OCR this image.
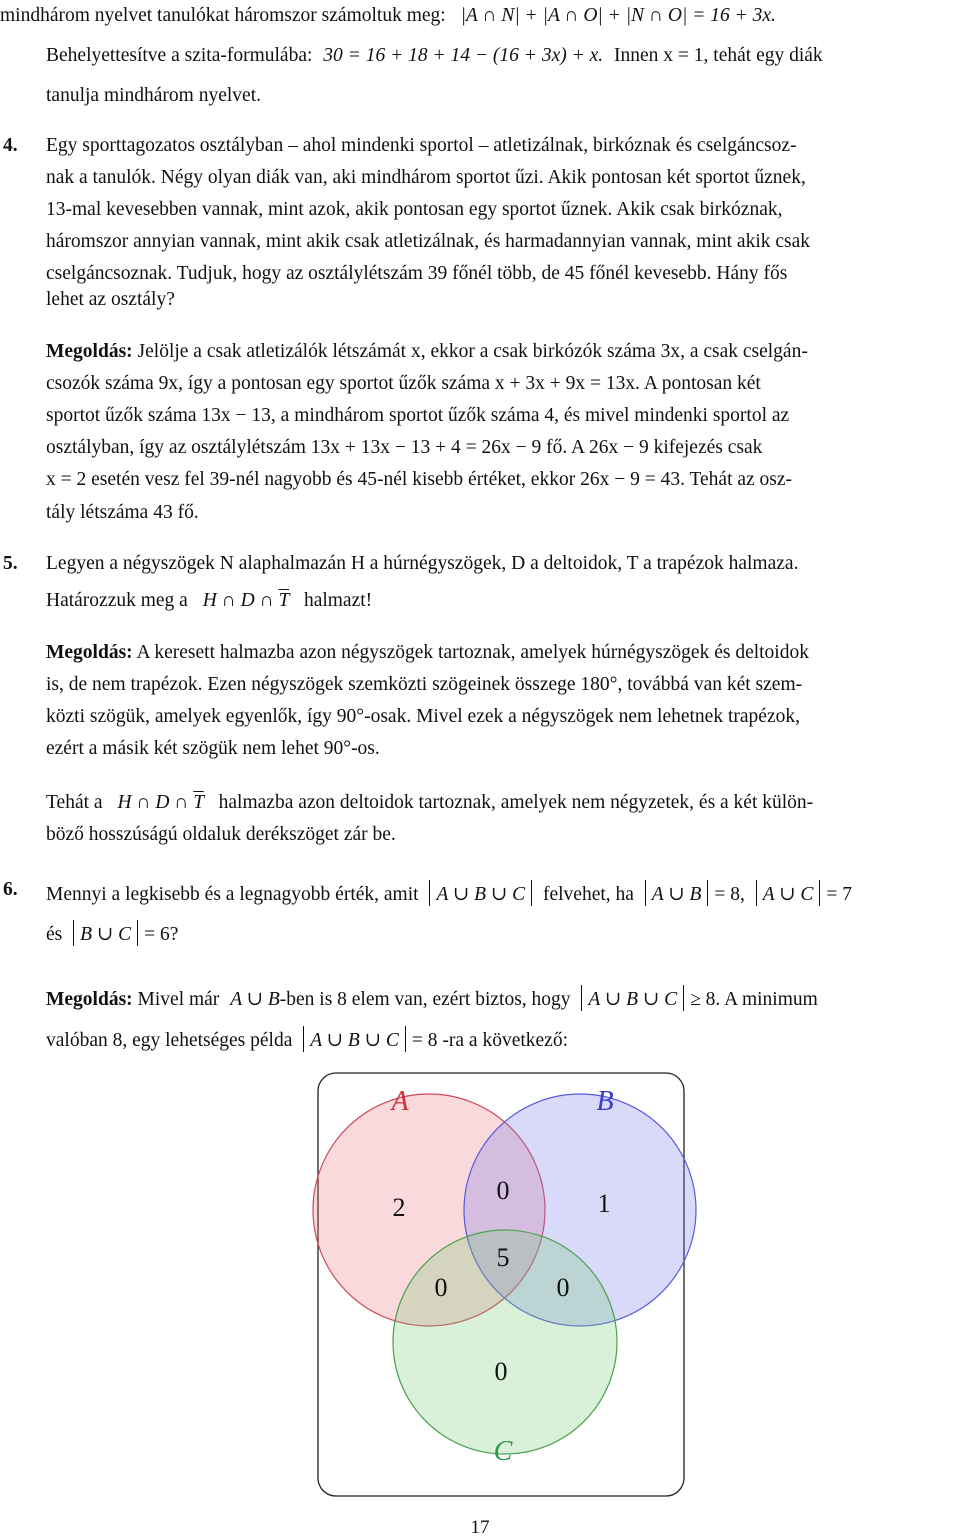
mindhárom nyelvet tanulókat háromszor számoltuk meg: |A ∩ N| + |A ∩ O| + |N ∩ O| = 16 + 3x.
Behelyettesítve a szita-formulába: 30 = 16 + 18 + 14 − (16 + 3x) + x. Innen x = 1, tehát egy diák
tanulja mindhárom nyelvet.
4. Egy sporttagozatos osztályban – ahol mindenki sportol – atletizálnak, birkóznak és cselgáncsoz-
nak a tanulók. Négy olyan diák van, aki mindhárom sportot űzi. Akik pontosan két sportot űznek,
13-mal kevesebben vannak, mint azok, akik pontosan egy sportot űznek. Akik csak birkóznak,
háromszor annyian vannak, mint akik csak atletizálnak, és harmadannyian vannak, mint akik csak
cselgáncsoznak. Tudjuk, hogy az osztálylétszám 39 főnél több, de 45 főnél kevesebb. Hány fős
lehet az osztály?
Megoldás: Jelölje a csak atletizálók létszámát x, ekkor a csak birkózók száma 3x, a csak cselgán-
csozók száma 9x, így a pontosan egy sportot űzők száma x + 3x + 9x = 13x. A pontosan két
sportot űzők száma 13x − 13, a mindhárom sportot űzők száma 4, és mivel mindenki sportol az
osztályban, így az osztálylétszám 13x + 13x − 13 + 4 = 26x − 9 fő. A 26x − 9 kifejezés csak
x = 2 esetén vesz fel 39-nél nagyobb és 45-nél kisebb értéket, ekkor 26x − 9 = 43. Tehát az osz-
tály létszáma 43 fő.
5. Legyen a négyszögek N alaphalmazán H a húrnégyszögek, D a deltoidok, T a trapézok halmaza.
Határozzuk meg a H ∩ D ∩ $\overline{T}$ halmazt!
Megoldás: A keresett halmazba azon négyszögek tartoznak, amelyek húrnégyszögek és deltoidok
is, de nem trapézok. Ezen négyszögek szemközti szögeinek összege 180°, továbbá van két szem-
közti szögük, amelyek egyenlők, így 90°-osak. Mivel ezek a négyszögek nem lehetnek trapézok,
ezért a másik két szögük nem lehet 90°-os.
Tehát a H ∩ D ∩ $\overline{T}$ halmazba azon deltoidok tartoznak, amelyek nem négyzetek, és a két külön-
böző hosszúságú oldaluk derékszöget zár be.
6. Mennyi a legkisebb és a legnagyobb érték, amit A ∪ B ∪ C felvehet, ha A ∪ B = 8, A ∪ C = 7
és B ∪ C = 6?
Megoldás: Mivel már A ∪ B-ben is 8 elem van, ezért biztos, hogy A ∪ B ∪ C ≥ 8. A minimum
valóban 8, egy lehetséges példa A ∪ B ∪ C = 8 -ra a következő:
A	B
C
2
0	1
5
0	0
0
17
